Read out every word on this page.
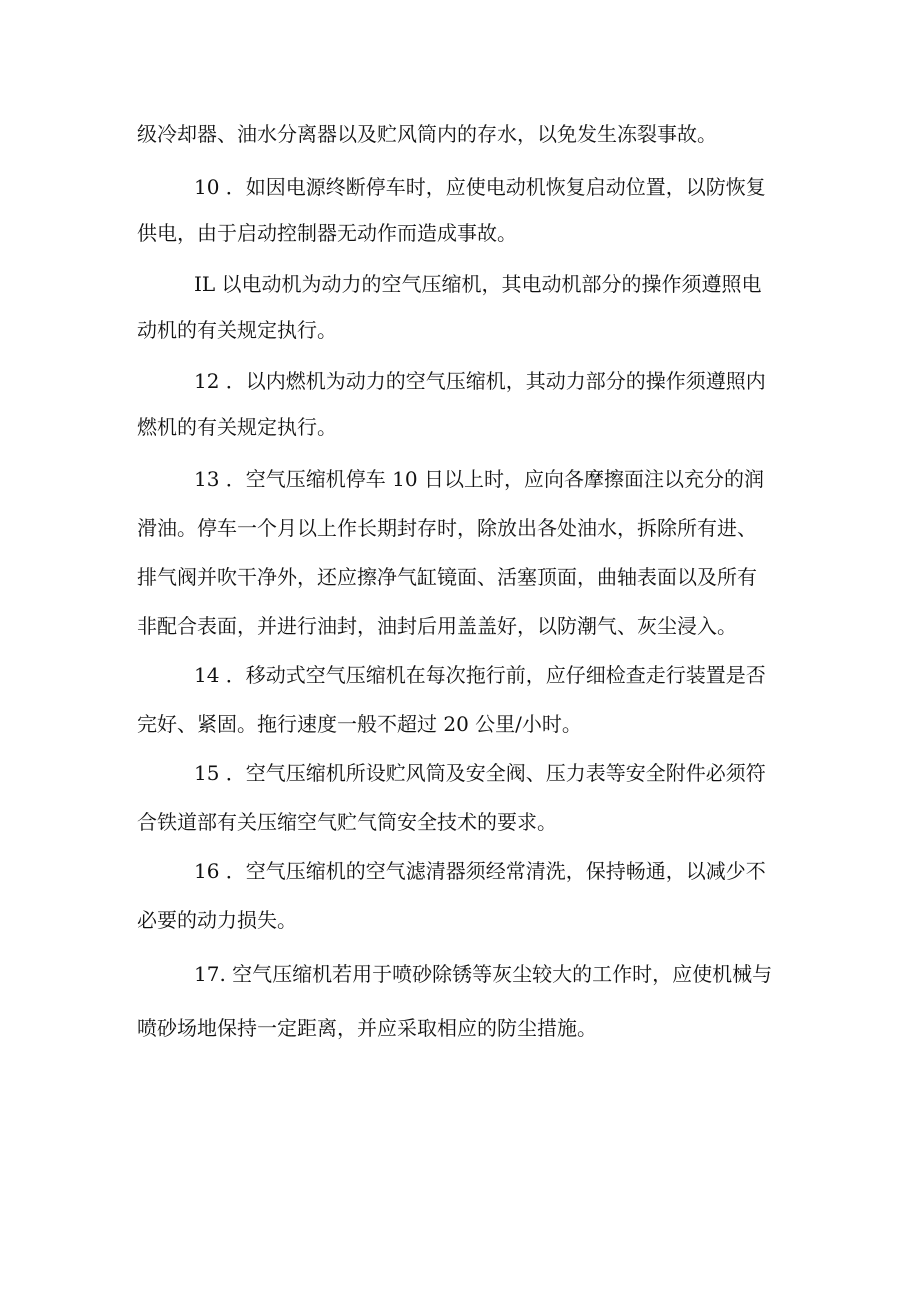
级冷却器、油水分离器以及贮风筒内的存水，以免发生冻裂事故。
10 ．如因电源终断停车时，应使电动机恢复启动位置，以防恢复
供电，由于启动控制器无动作而造成事故。
IL 以电动机为动力的空气压缩机，其电动机部分的操作须遵照电
动机的有关规定执行。
12 ．以内燃机为动力的空气压缩机，其动力部分的操作须遵照内
燃机的有关规定执行。
13 ．空气压缩机停车 10 日以上时，应向各摩擦面注以充分的润
滑油。停车一个月以上作长期封存时，除放出各处油水，拆除所有进、
排气阀并吹干净外，还应擦净气缸镜面、活塞顶面，曲轴表面以及所有
非配合表面，并进行油封，油封后用盖盖好，以防潮气、灰尘浸入。
14 ．移动式空气压缩机在每次拖行前，应仔细检查走行装置是否
完好、紧固。拖行速度一般不超过 20 公里/小时。
15 ．空气压缩机所设贮风筒及安全阀、压力表等安全附件必须符
合铁道部有关压缩空气贮气筒安全技术的要求。
16 ．空气压缩机的空气滤清器须经常清洗，保持畅通，以减少不
必要的动力损失。
17. 空气压缩机若用于喷砂除锈等灰尘较大的工作时，应使机械与
喷砂场地保持一定距离，并应采取相应的防尘措施。
